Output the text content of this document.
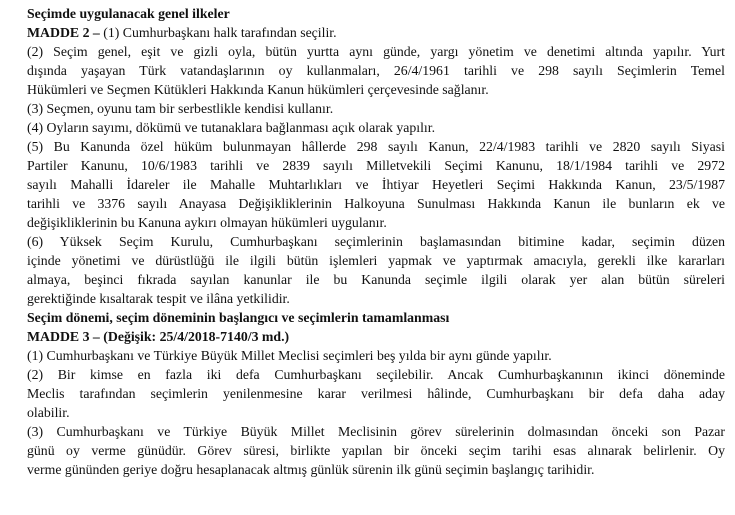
Seçimde uygulanacak genel ilkeler
MADDE 2 – (1) Cumhurbaşkanı halk tarafından seçilir.
(2) Seçim genel, eşit ve gizli oyla, bütün yurtta aynı günde, yargı yönetim ve denetimi altında yapılır. Yurt
dışında yaşayan Türk vatandaşlarının oy kullanmaları, 26/4/1961 tarihli ve 298 sayılı Seçimlerin Temel
Hükümleri ve Seçmen Kütükleri Hakkında Kanun hükümleri çerçevesinde sağlanır.
(3) Seçmen, oyunu tam bir serbestlikle kendisi kullanır.
(4) Oyların sayımı, dökümü ve tutanaklara bağlanması açık olarak yapılır.
(5) Bu Kanunda özel hüküm bulunmayan hâllerde 298 sayılı Kanun, 22/4/1983 tarihli ve 2820 sayılı Siyasi
Partiler Kanunu, 10/6/1983 tarihli ve 2839 sayılı Milletvekili Seçimi Kanunu, 18/1/1984 tarihli ve 2972
sayılı Mahalli İdareler ile Mahalle Muhtarlıkları ve İhtiyar Heyetleri Seçimi Hakkında Kanun, 23/5/1987
tarihli ve 3376 sayılı Anayasa Değişikliklerinin Halkoyuna Sunulması Hakkında Kanun ile bunların ek ve
değişikliklerinin bu Kanuna aykırı olmayan hükümleri uygulanır.
(6) Yüksek Seçim Kurulu, Cumhurbaşkanı seçimlerinin başlamasından bitimine kadar, seçimin düzen
içinde yönetimi ve dürüstlüğü ile ilgili bütün işlemleri yapmak ve yaptırmak amacıyla, gerekli ilke kararları
almaya, beşinci fıkrada sayılan kanunlar ile bu Kanunda seçimle ilgili olarak yer alan bütün süreleri
gerektiğinde kısaltarak tespit ve ilâna yetkilidir.
Seçim dönemi, seçim döneminin başlangıcı ve seçimlerin tamamlanması
MADDE 3 – (Değişik: 25/4/2018-7140/3 md.)
(1) Cumhurbaşkanı ve Türkiye Büyük Millet Meclisi seçimleri beş yılda bir aynı günde yapılır.
(2) Bir kimse en fazla iki defa Cumhurbaşkanı seçilebilir. Ancak Cumhurbaşkanının ikinci döneminde
Meclis tarafından seçimlerin yenilenmesine karar verilmesi hâlinde, Cumhurbaşkanı bir defa daha aday
olabilir.
(3) Cumhurbaşkanı ve Türkiye Büyük Millet Meclisinin görev sürelerinin dolmasından önceki son Pazar
günü oy verme günüdür. Görev süresi, birlikte yapılan bir önceki seçim tarihi esas alınarak belirlenir. Oy
verme gününden geriye doğru hesaplanacak altmış günlük sürenin ilk günü seçimin başlangıç tarihidir.
